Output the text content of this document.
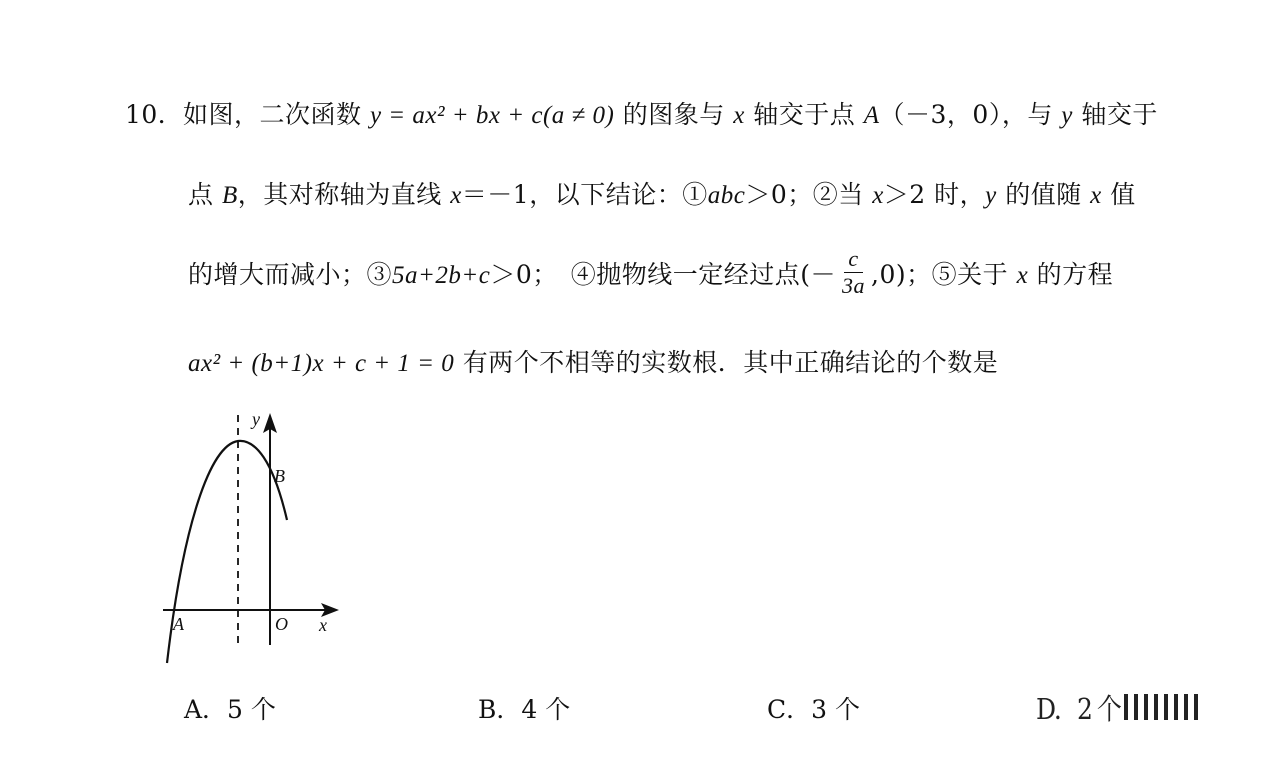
10．如图，二次函数 y = ax² + bx + c(a ≠ 0) 的图象与 x 轴交于点 A（－3，0），与 y 轴交于
点 B，其对称轴为直线 x＝－1，以下结论：①abc＞0；②当 x＞2 时，y 的值随 x 值
的增大而减小；③5a+2b+c＞0；　④抛物线一定经过点(－ $\frac{c}{3a} ,0$)；⑤关于 x 的方程
ax² + (b+1)x + c + 1 = 0 有两个不相等的实数根．其中正确结论的个数是
y
B
A	O x
A．5 个	B．4 个	C．3 个	D．2 个
